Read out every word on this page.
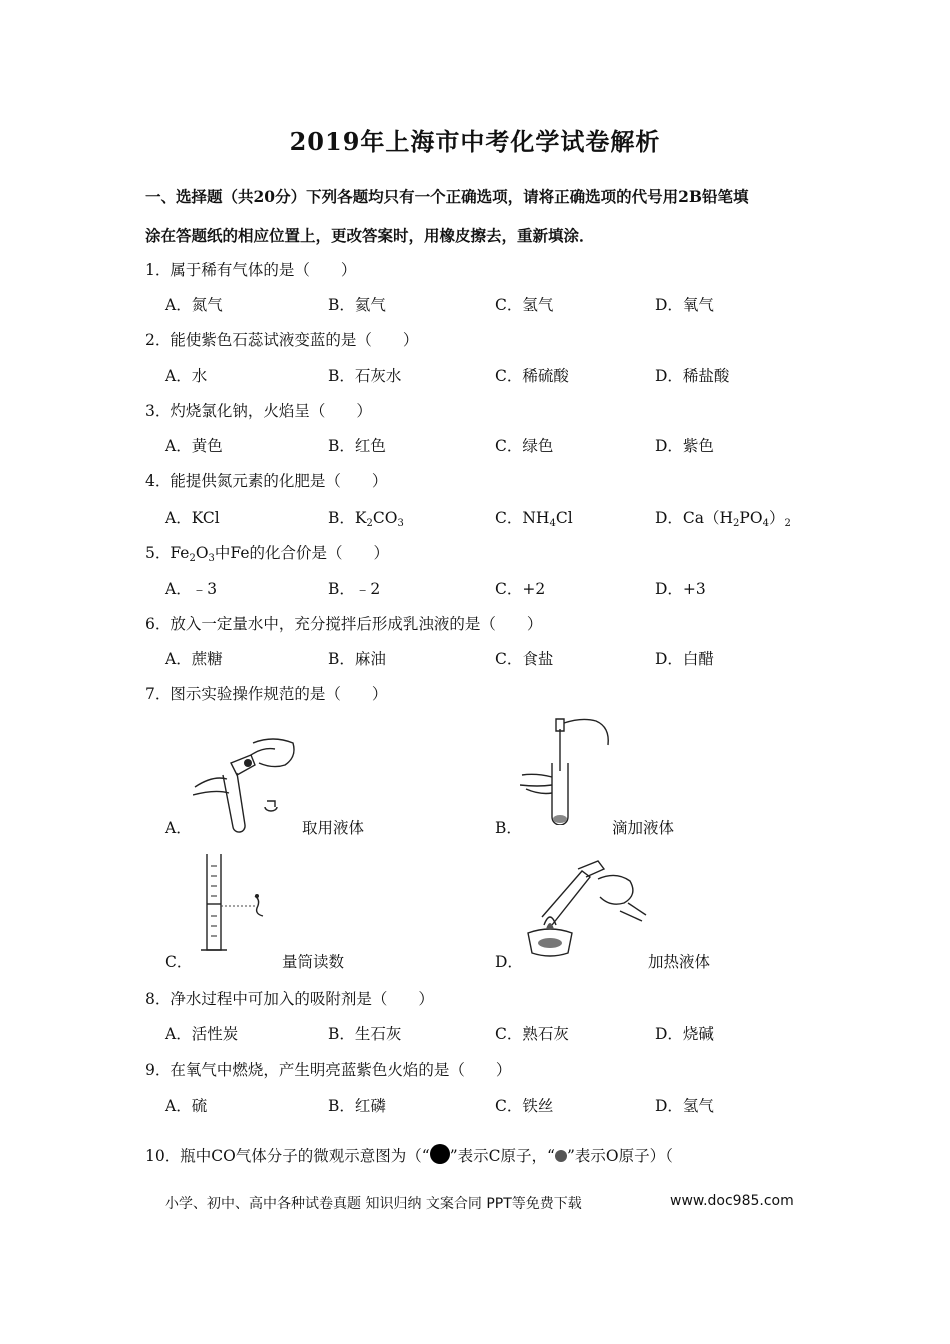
2019年上海市中考化学试卷解析
一、选择题（共20分）下列各题均只有一个正确选项，请将正确选项的代号用2B铅笔填
涂在答题纸的相应位置上，更改答案时，用橡皮擦去，重新填涂．
1．属于稀有气体的是（　　）
A．氮气	B．氦气	C．氢气	D．氧气
2．能使紫色石蕊试液变蓝的是（　　）
A．水	B．石灰水	C．稀硫酸	D．稀盐酸
3．灼烧氯化钠，火焰呈（　　）
A．黄色	B．红色	C．绿色	D．紫色
4．能提供氮元素的化肥是（　　）
A．KCl	B．$K_2CO_3$	C．$NH_4Cl$	D．$Ca(H_2PO_4)_2$
5．$Fe_2O_3$中Fe的化合价是（　　）
A．﹣3	B．﹣2	C．+2	D．+3
6．放入一定量水中，充分搅拌后形成乳浊液的是（　　）
A．蔗糖	B．麻油	C．食盐	D．白醋
7．图示实验操作规范的是（　　）
A．	取用液体	B．	滴加液体
C．	量筒读数	D．	加热液体
8．净水过程中可加入的吸附剂是（　　）
A．活性炭	B．生石灰	C．熟石灰	D．烧碱
9．在氧气中燃烧，产生明亮蓝紫色火焰的是（　　）
A．硫	B．红磷	C．铁丝	D．氢气
10．瓶中CO气体分子的微观示意图为（“ ”表示C原子，“ ”表示O原子）（
小学、初中、高中各种试卷真题 知识归纳 文案合同 PPT等免费下载	www.doc985.com
